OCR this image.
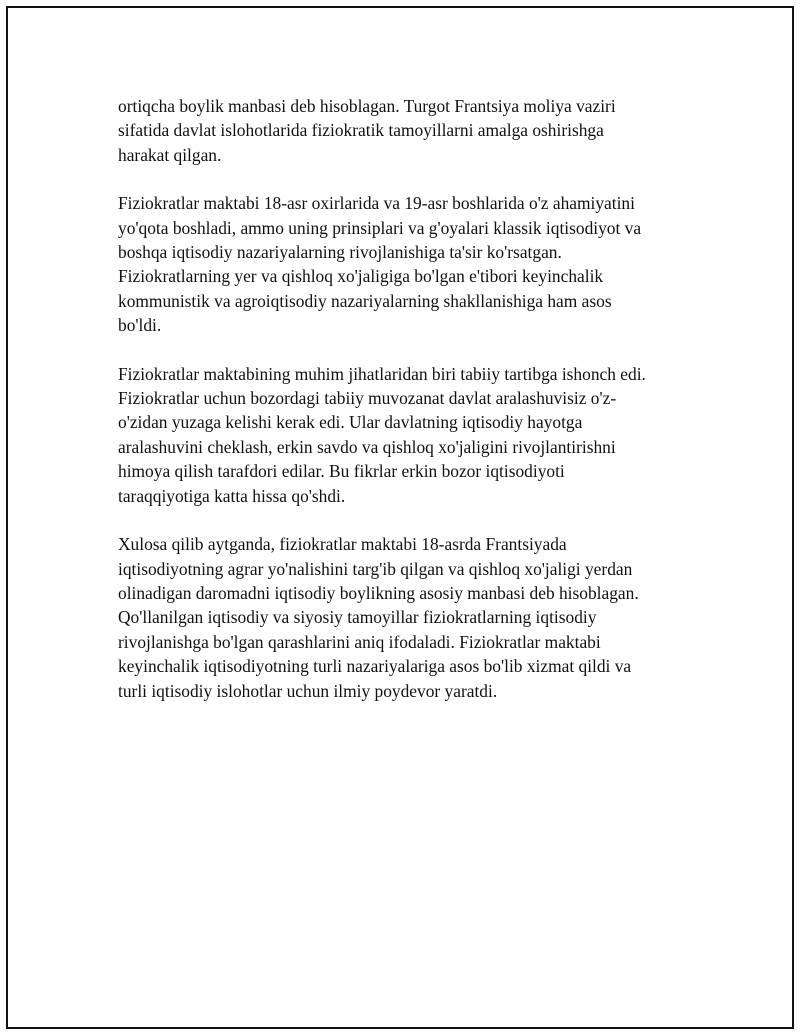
ortiqcha boylik manbasi deb hisoblagan. Turgot Frantsiya moliya vaziri
sifatida davlat islohotlarida fiziokratik tamoyillarni amalga oshirishga
harakat qilgan.

Fiziokratlar maktabi 18-asr oxirlarida va 19-asr boshlarida o'z ahamiyatini
yo'qota boshladi, ammo uning prinsiplari va g'oyalari klassik iqtisodiyot va
boshqa iqtisodiy nazariyalarning rivojlanishiga ta'sir ko'rsatgan.
Fiziokratlarning yer va qishloq xo'jaligiga bo'lgan e'tibori keyinchalik
kommunistik va agroiqtisodiy nazariyalarning shakllanishiga ham asos
bo'ldi.

Fiziokratlar maktabining muhim jihatlaridan biri tabiiy tartibga ishonch edi.
Fiziokratlar uchun bozordagi tabiiy muvozanat davlat aralashuvisiz o'z-
o'zidan yuzaga kelishi kerak edi. Ular davlatning iqtisodiy hayotga
aralashuvini cheklash, erkin savdo va qishloq xo'jaligini rivojlantirishni
himoya qilish tarafdori edilar. Bu fikrlar erkin bozor iqtisodiyoti
taraqqiyotiga katta hissa qo'shdi.

Xulosa qilib aytganda, fiziokratlar maktabi 18-asrda Frantsiyada
iqtisodiyotning agrar yo'nalishini targ'ib qilgan va qishloq xo'jaligi yerdan
olinadigan daromadni iqtisodiy boylikning asosiy manbasi deb hisoblagan.
Qo'llanilgan iqtisodiy va siyosiy tamoyillar fiziokratlarning iqtisodiy
rivojlanishga bo'lgan qarashlarini aniq ifodaladi. Fiziokratlar maktabi
keyinchalik iqtisodiyotning turli nazariyalariga asos bo'lib xizmat qildi va
turli iqtisodiy islohotlar uchun ilmiy poydevor yaratdi.
